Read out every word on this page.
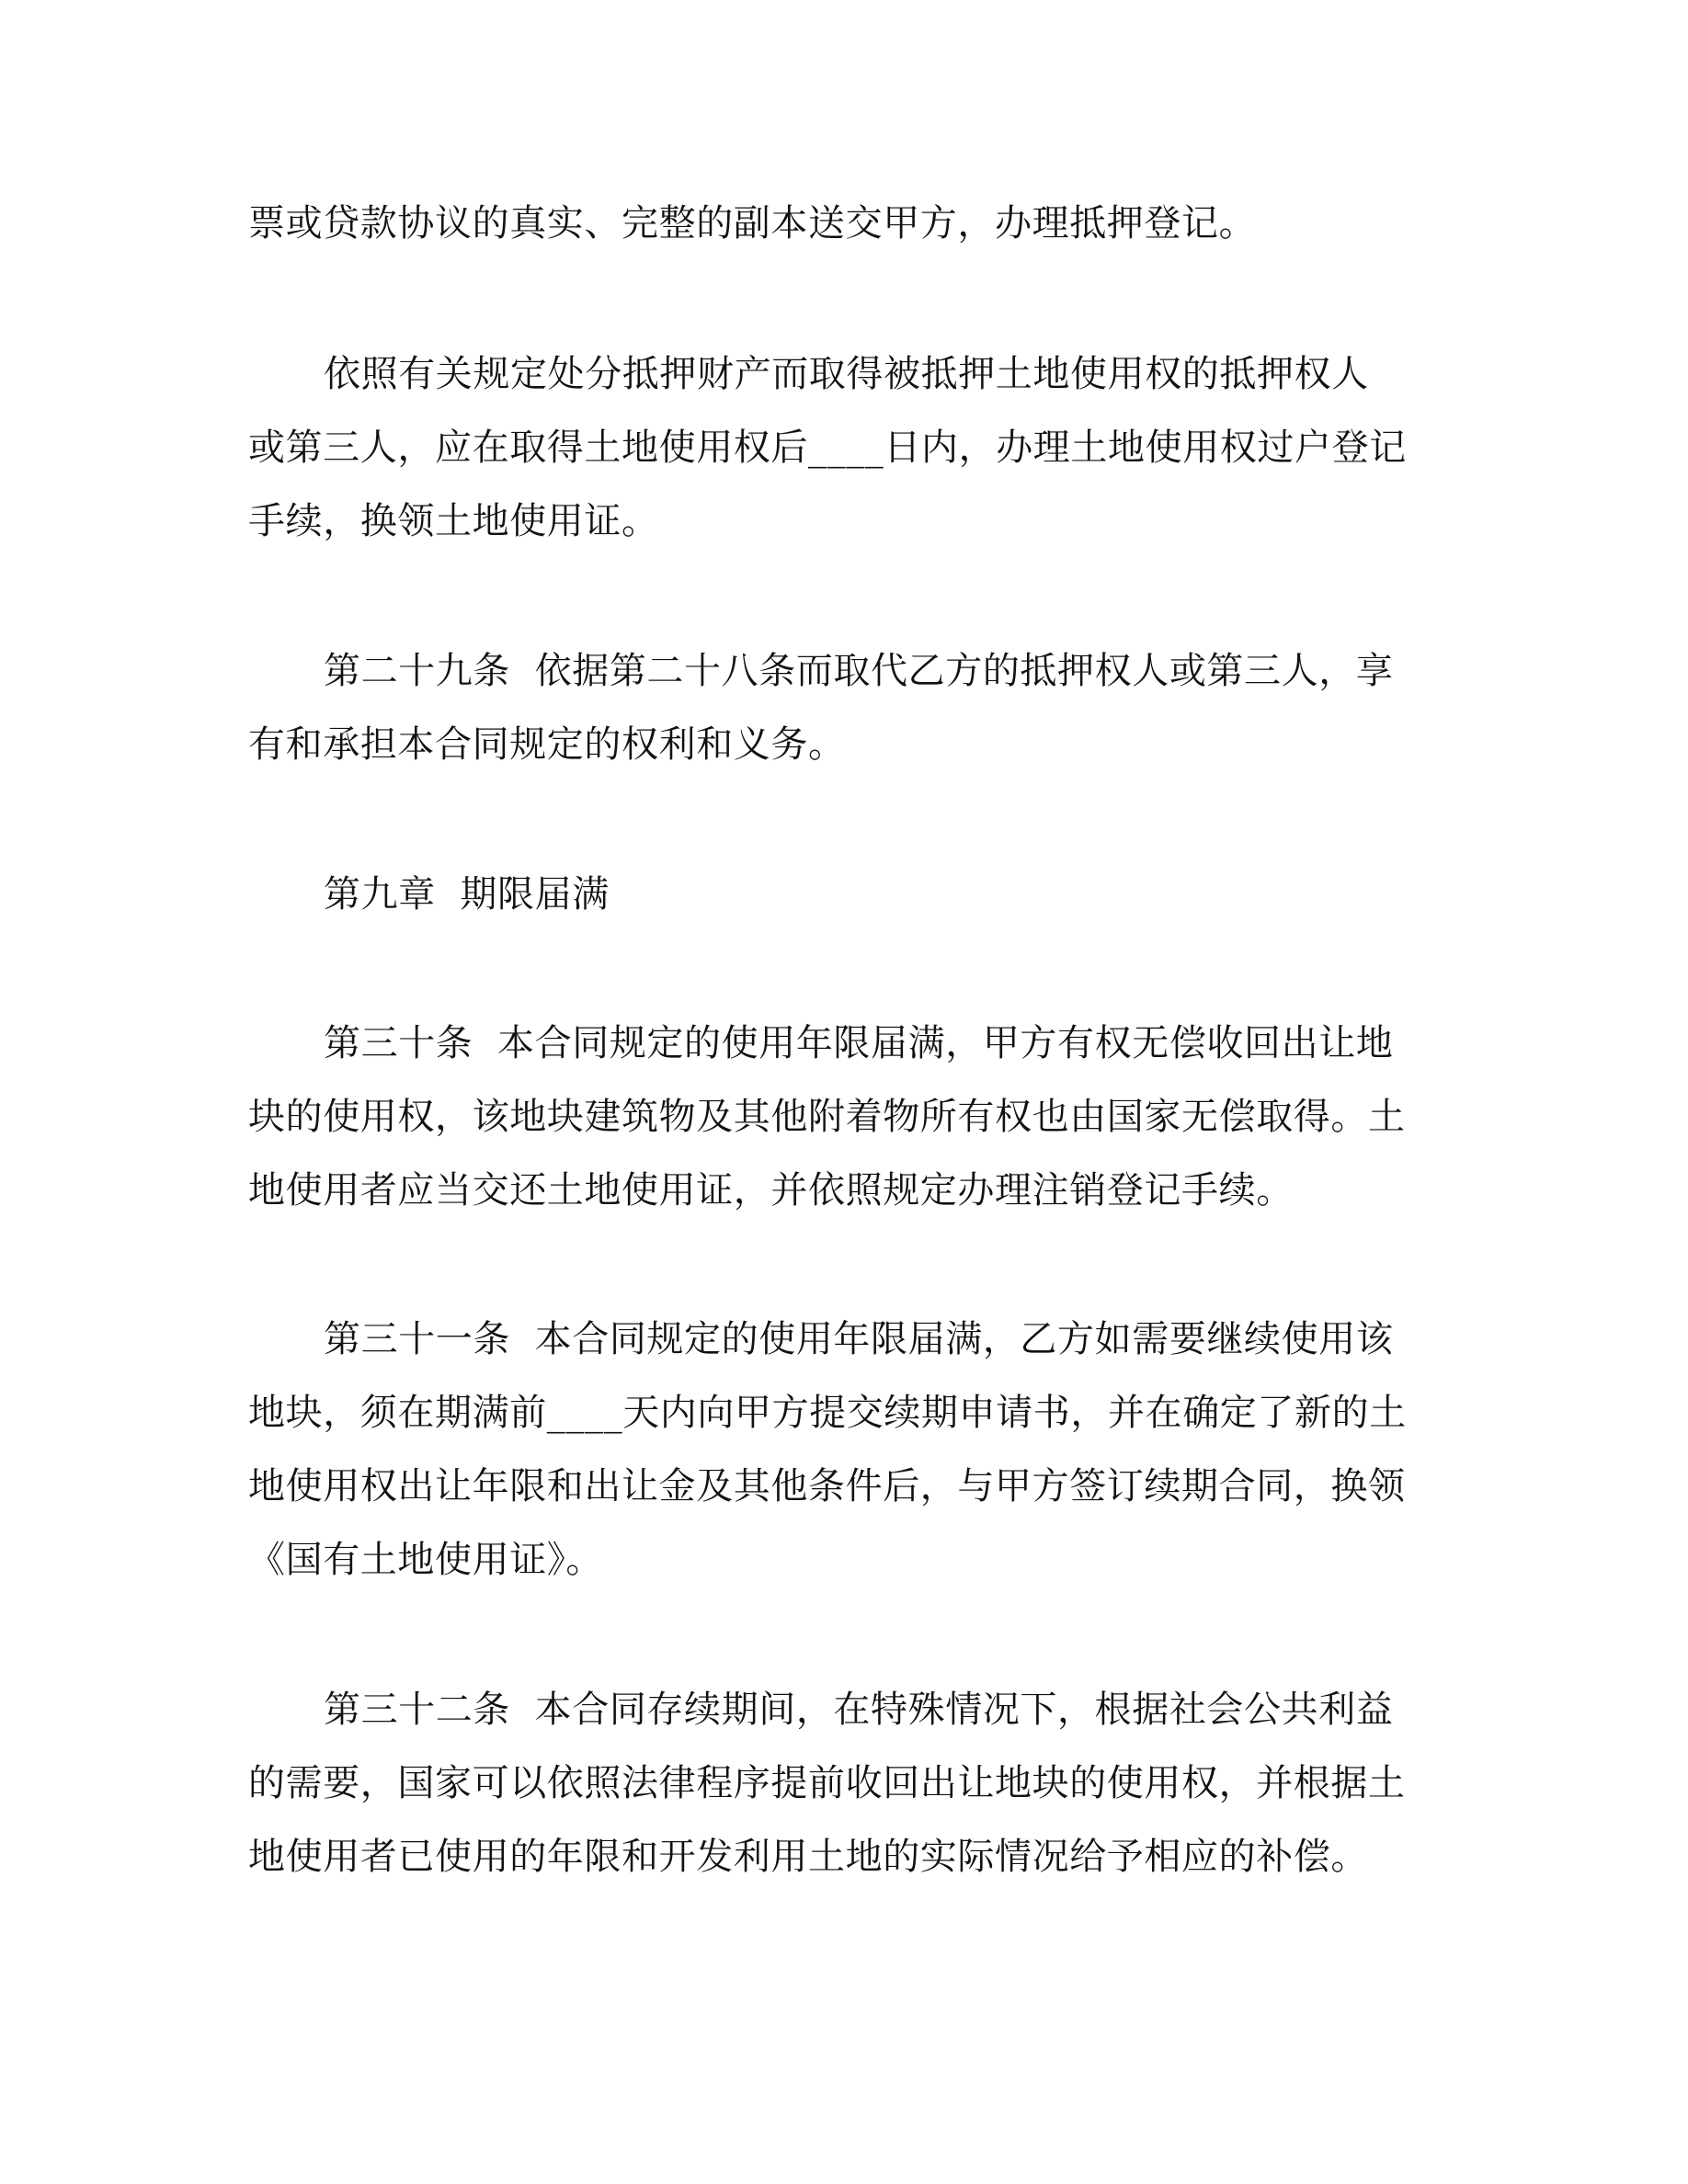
票或贷款协议的真实、完整的副本送交甲方，办理抵押登记。
依照有关规定处分抵押财产而取得被抵押土地使用权的抵押权人
或第三人，应在取得土地使用权后____日内，办理土地使用权过户登记
手续，换领土地使用证。
第二十九条  依据第二十八条而取代乙方的抵押权人或第三人，享
有和承担本合同规定的权利和义务。
第九章  期限届满
第三十条  本合同规定的使用年限届满，甲方有权无偿收回出让地
块的使用权，该地块建筑物及其他附着物所有权也由国家无偿取得。土
地使用者应当交还土地使用证，并依照规定办理注销登记手续。
第三十一条  本合同规定的使用年限届满，乙方如需要继续使用该
地块，须在期满前____天内向甲方提交续期申请书，并在确定了新的土
地使用权出让年限和出让金及其他条件后，与甲方签订续期合同，换领
《国有土地使用证》。
第三十二条  本合同存续期间，在特殊情况下，根据社会公共利益
的需要，国家可以依照法律程序提前收回出让地块的使用权，并根据土
地使用者已使用的年限和开发利用土地的实际情况给予相应的补偿。
